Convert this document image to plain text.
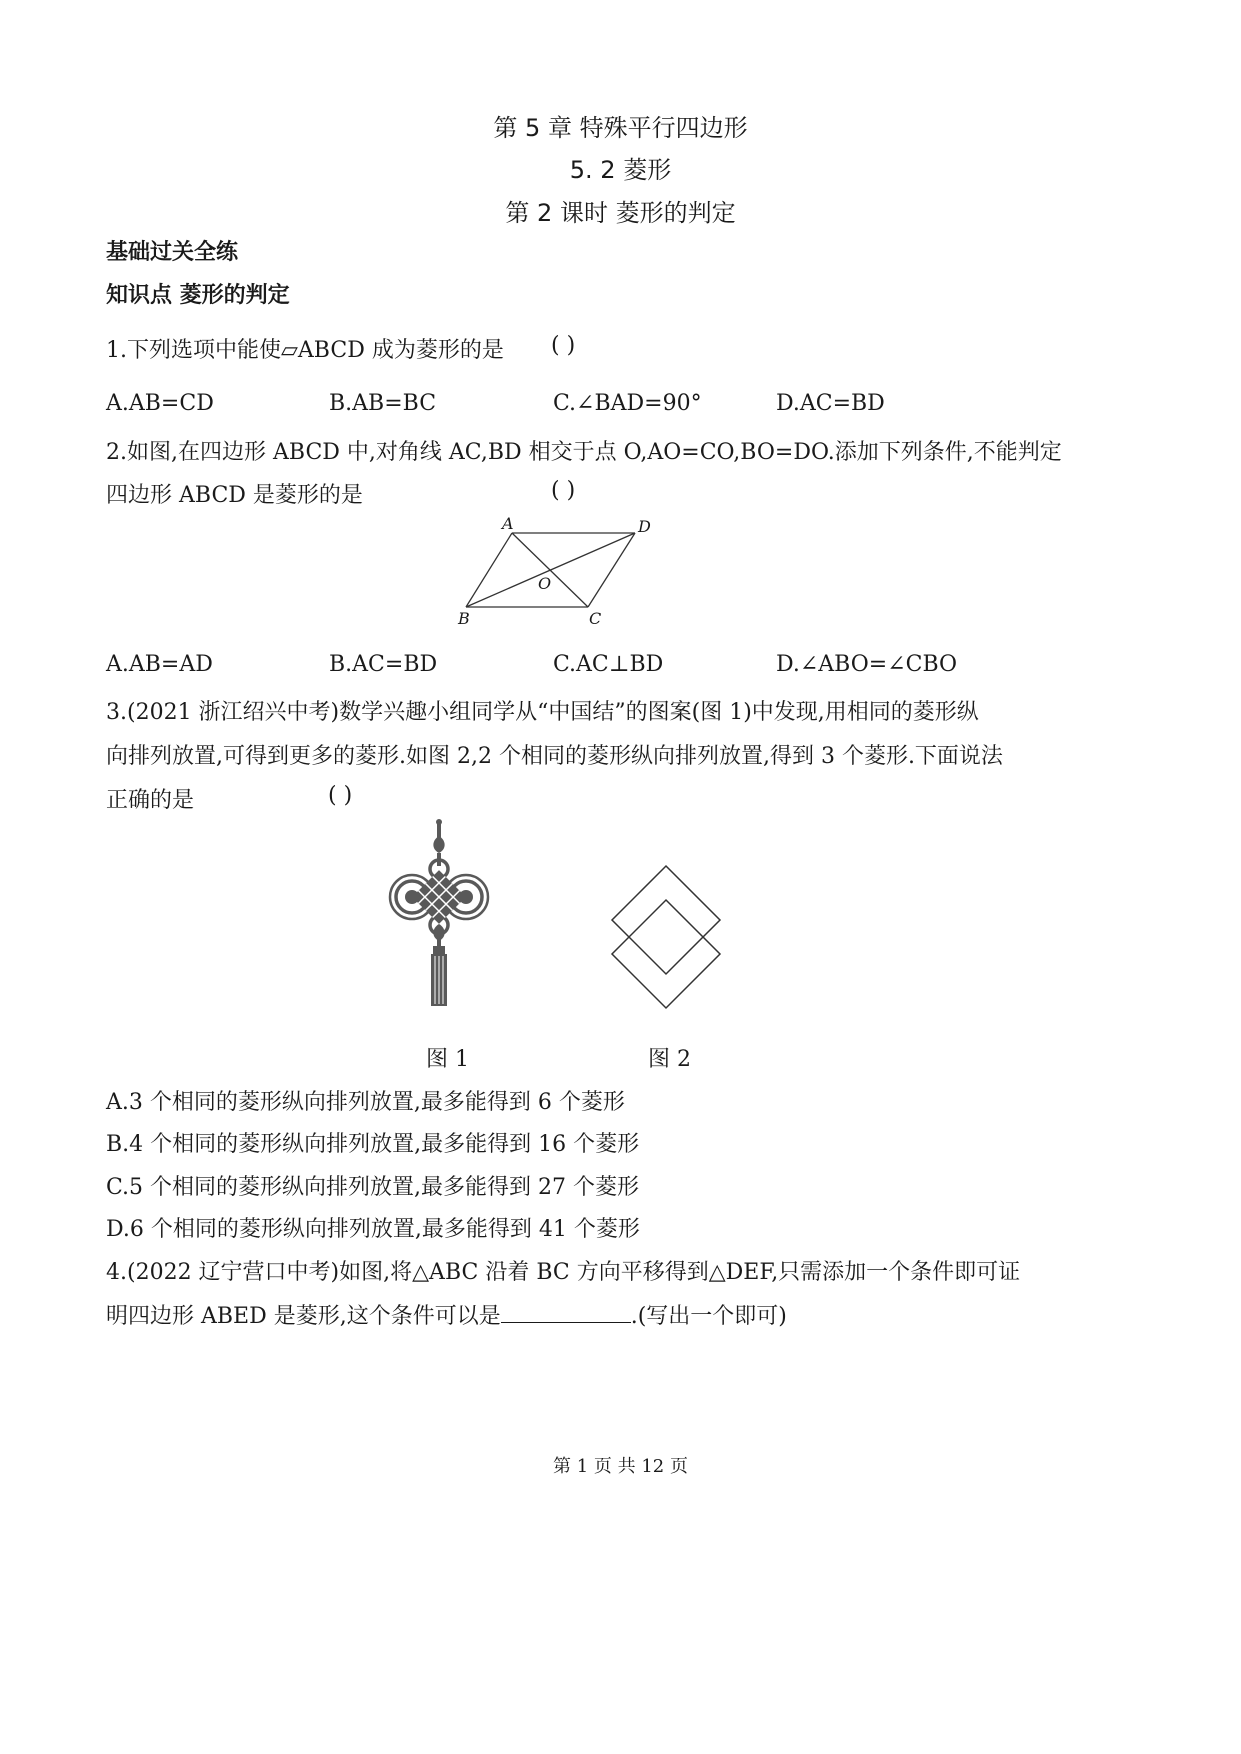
第 5 章 特殊平行四边形
5. 2 菱形
第 2 课时 菱形的判定
基础过关全练
知识点 菱形的判定
1.下列选项中能使▱ABCD 成为菱形的是 ( )
A.AB=CD	B.AB=BC	C.∠BAD=90°	D.AC=BD
2.如图,在四边形 ABCD 中,对角线 AC,BD 相交于点 O,AO=CO,BO=DO.添加下列条件,不能判定
四边形 ABCD 是菱形的是	( )
A	D
O
B	C
A.AB=AD	B.AC=BD	C.AC⊥BD	D.∠ABO=∠CBO
3.(2021 浙江绍兴中考)数学兴趣小组同学从“中国结”的图案(图 1)中发现,用相同的菱形纵
向排列放置,可得到更多的菱形.如图 2,2 个相同的菱形纵向排列放置,得到 3 个菱形.下面说法
正确的是	( )
图 1	图 2
A.3 个相同的菱形纵向排列放置,最多能得到 6 个菱形
B.4 个相同的菱形纵向排列放置,最多能得到 16 个菱形
C.5 个相同的菱形纵向排列放置,最多能得到 27 个菱形
D.6 个相同的菱形纵向排列放置,最多能得到 41 个菱形
4.(2022 辽宁营口中考)如图,将△ABC 沿着 BC 方向平移得到△DEF,只需添加一个条件即可证
明四边形 ABED 是菱形,这个条件可以是	.(写出一个即可)
第 1 页 共 12 页
